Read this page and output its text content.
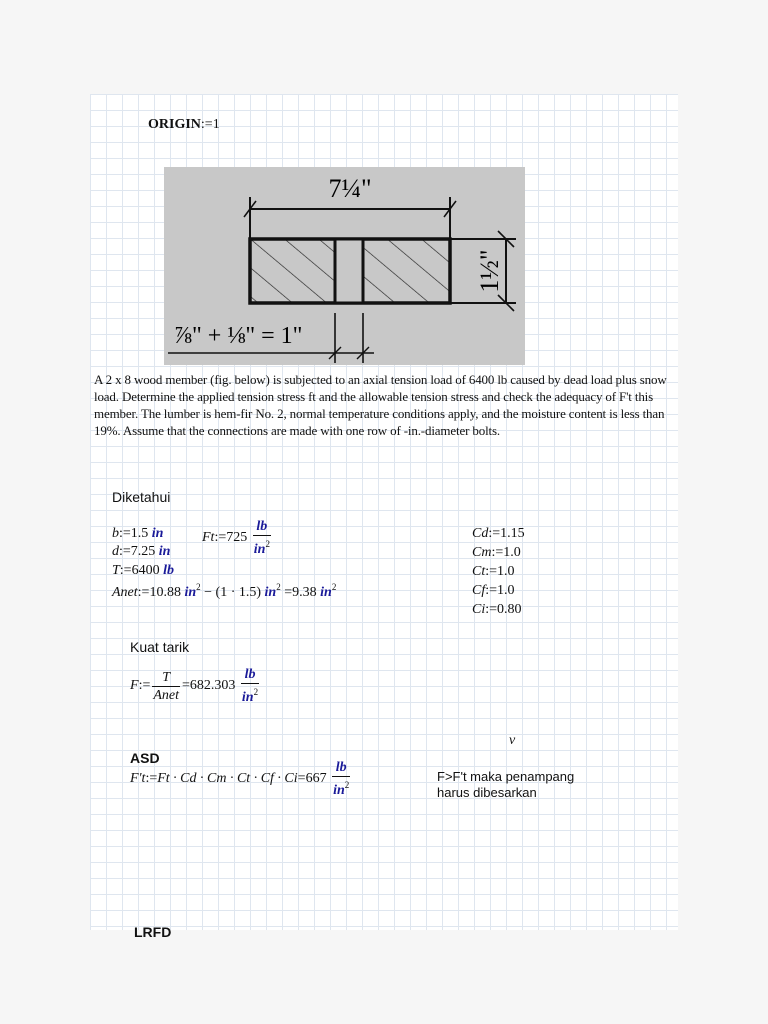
ORIGIN:=1
7¼"
1½"
⅞" + ⅛" = 1"
A 2 x 8 wood member (fig. below) is subjected to an axial tension load of 6400 lb caused by dead load plus snow load. Determine the applied tension stress ft and the allowable tension stress and check the adequacy of F't this member. The lumber is hem-fir No. 2, normal temperature conditions apply, and the moisture content is less than 19%. Assume that the connections are made with one row of -in.-diameter bolts.
Diketahui
b:=1.5 in
d:=7.25 in
T:=6400 lb
Anet:=10.88 $in^2 - (1 \cdot 1.5)$ $in^2 =9.38$ $in^2$
Ft:=725 $\frac{lb}{in^2}$	Cd:=1.15
Cm:=1.0
Ct:=1.0
Cf:=1.0
Ci:=0.80
Kuat tarik
F:= $\frac{T}{\text{Anet}} =682.303 \frac{lb}{in^2}$
v
ASD
F't:=Ft · $Cd \cdot Cm \cdot Ct \cdot Cf \cdot Ci=667 \frac{lb}{in^2}$	F>F't maka penampang
harus dibesarkan
LRFD
